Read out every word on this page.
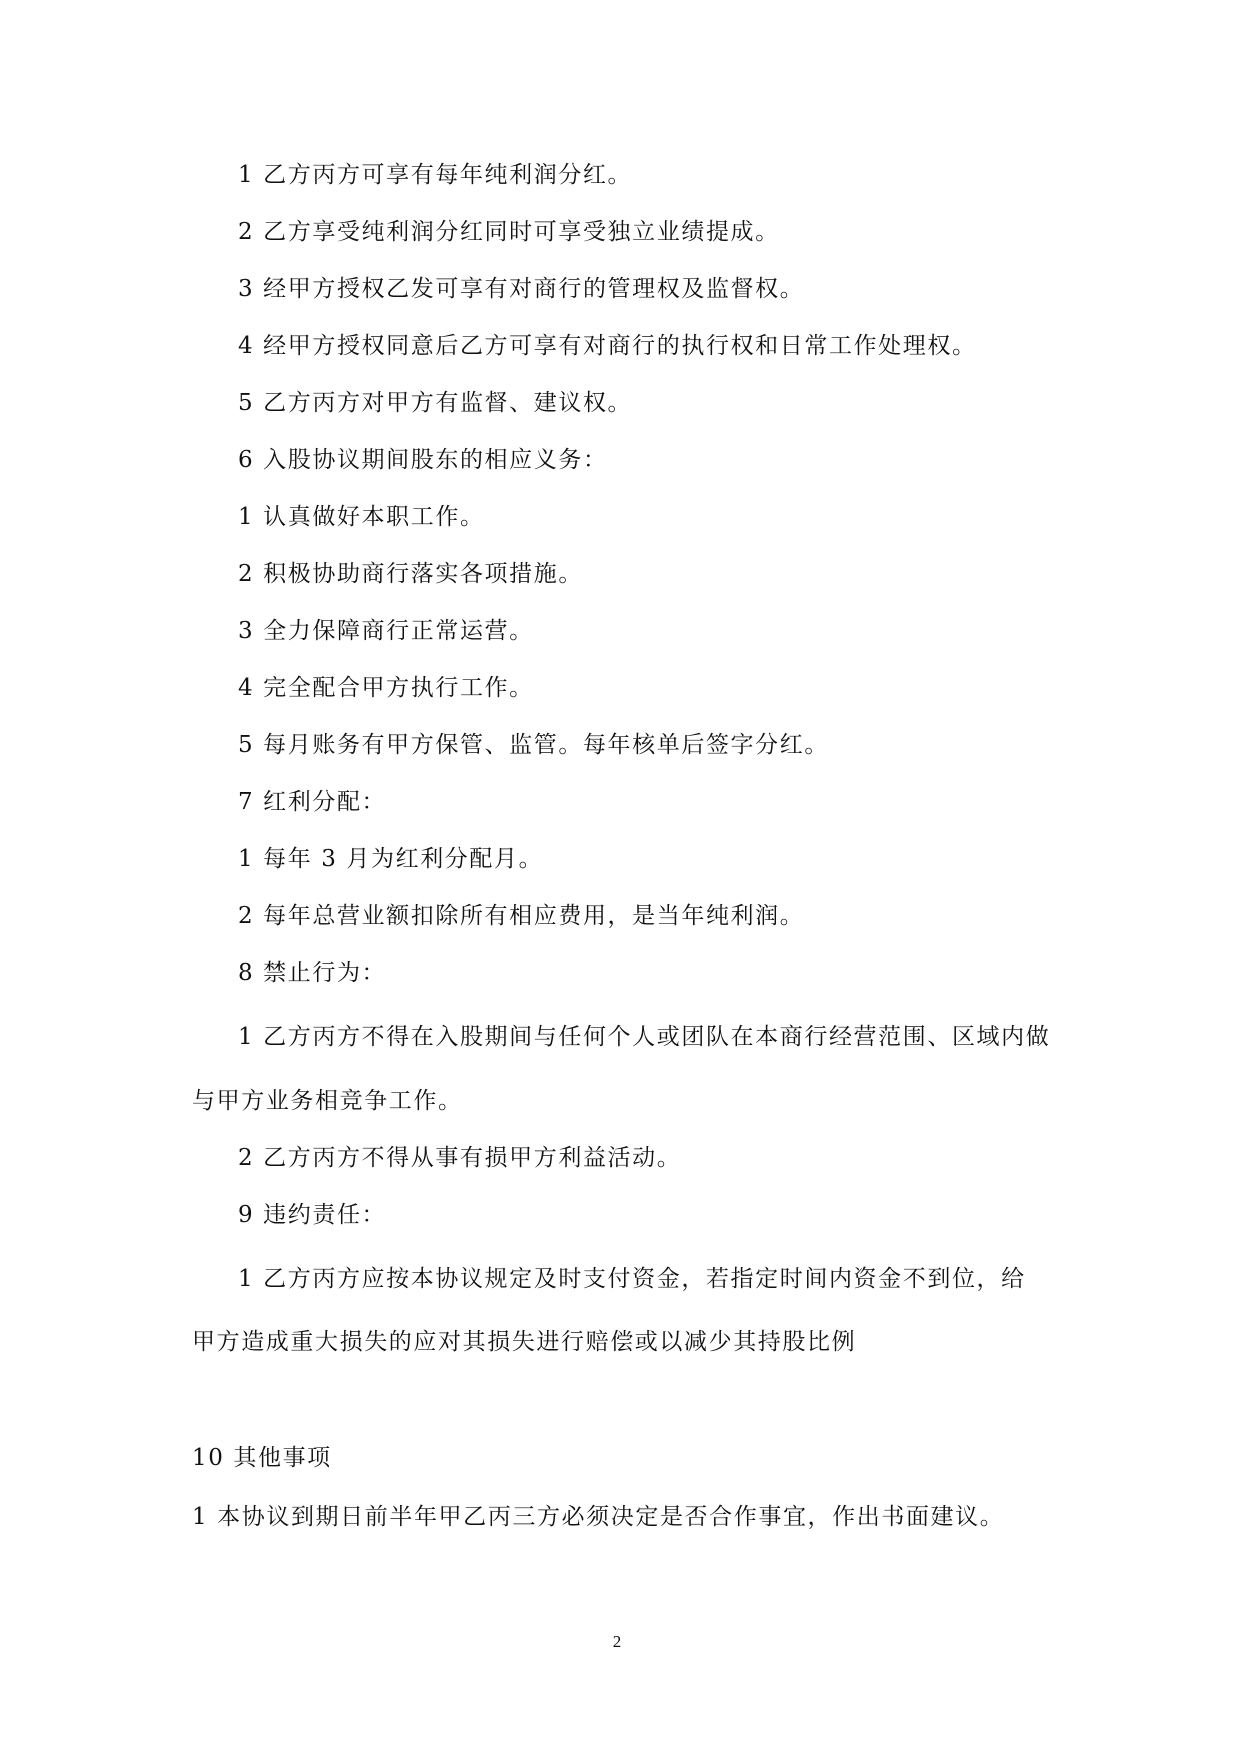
1 乙方丙方可享有每年纯利润分红。
2 乙方享受纯利润分红同时可享受独立业绩提成。
3 经甲方授权乙发可享有对商行的管理权及监督权。
4 经甲方授权同意后乙方可享有对商行的执行权和日常工作处理权。
5 乙方丙方对甲方有监督、建议权。
6 入股协议期间股东的相应义务：
1 认真做好本职工作。
2 积极协助商行落实各项措施。
3 全力保障商行正常运营。
4 完全配合甲方执行工作。
5 每月账务有甲方保管、监管。每年核单后签字分红。
7 红利分配：
1 每年 3 月为红利分配月。
2 每年总营业额扣除所有相应费用，是当年纯利润。
8 禁止行为：
1 乙方丙方不得在入股期间与任何个人或团队在本商行经营范围、区域内做
与甲方业务相竞争工作。
2 乙方丙方不得从事有损甲方利益活动。
9 违约责任：
1 乙方丙方应按本协议规定及时支付资金，若指定时间内资金不到位，给
甲方造成重大损失的应对其损失进行赔偿或以减少其持股比例
10 其他事项
1 本协议到期日前半年甲乙丙三方必须决定是否合作事宜，作出书面建议。
2
